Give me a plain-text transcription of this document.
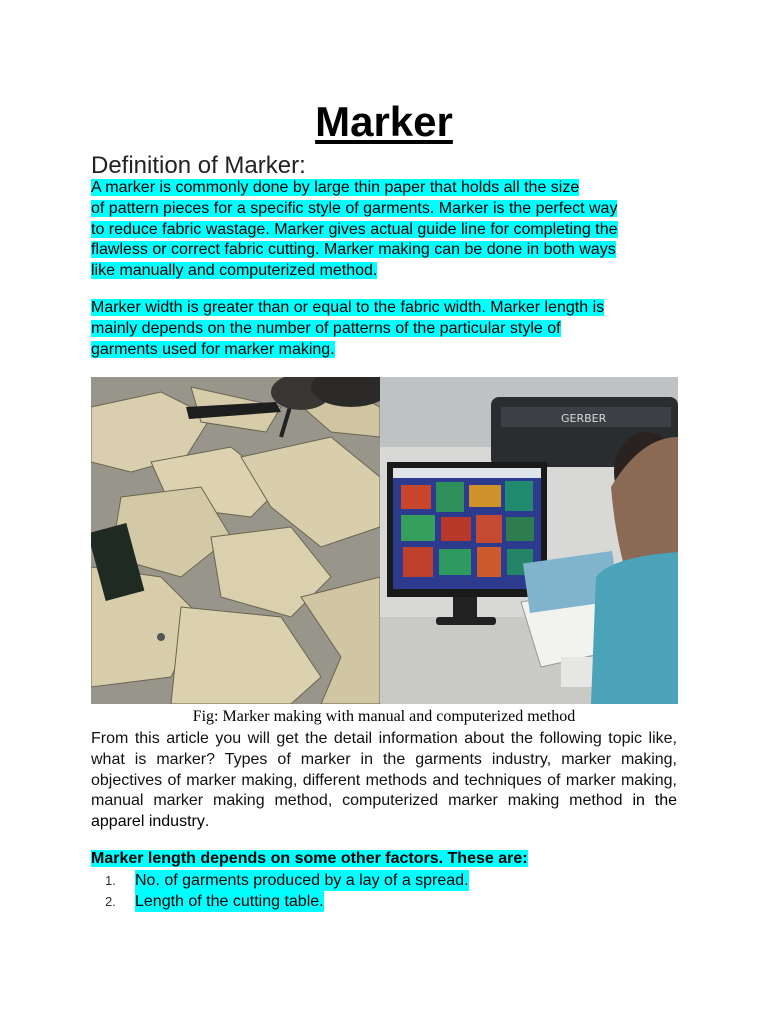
Marker
Definition of Marker:
A marker is commonly done by large thin paper that holds all the size
of pattern pieces for a specific style of garments. Marker is the perfect way
to reduce fabric wastage. Marker gives actual guide line for completing the
flawless or correct fabric cutting. Marker making can be done in both ways
like manually and computerized method.
Marker width is greater than or equal to the fabric width. Marker length is
mainly depends on the number of patterns of the particular style of
garments used for marker making.
GERBER
Fig: Marker making with manual and computerized method
From this article you will get the detail information about the following topic like, what is marker? Types of marker in the garments industry, marker making, objectives of marker making, different methods and techniques of marker making, manual marker making method, computerized marker making method in the apparel industry.
Marker length depends on some other factors. These are:
1. No. of garments produced by a lay of a spread.
2. Length of the cutting table.
